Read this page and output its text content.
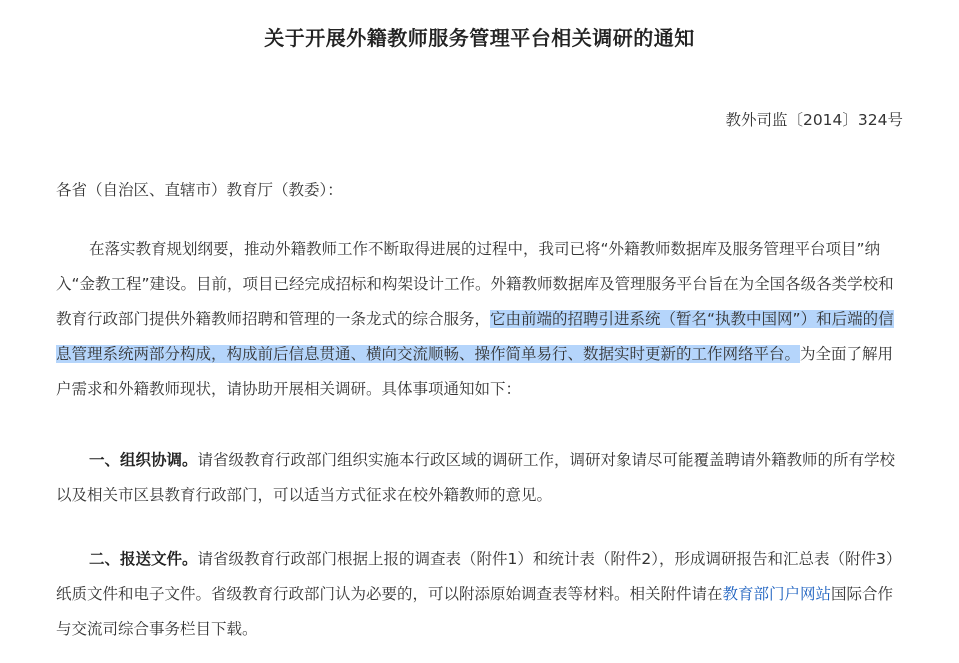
关于开展外籍教师服务管理平台相关调研的通知
教外司监〔2014〕324号
各省（自治区、直辖市）教育厅（教委）：
在落实教育规划纲要，推动外籍教师工作不断取得进展的过程中，我司已将“外籍教师数据库及服务管理平台项目”纳入“金教工程”建设。目前，项目已经完成招标和构架设计工作。外籍教师数据库及管理服务平台旨在为全国各级各类学校和教育行政部门提供外籍教师招聘和管理的一条龙式的综合服务，它由前端的招聘引进系统（暂名“执教中国网”）和后端的信息管理系统两部分构成，构成前后信息贯通、横向交流顺畅、操作简单易行、数据实时更新的工作网络平台。为全面了解用户需求和外籍教师现状，请协助开展相关调研。具体事项通知如下：
一、组织协调。请省级教育行政部门组织实施本行政区域的调研工作，调研对象请尽可能覆盖聘请外籍教师的所有学校以及相关市区县教育行政部门，可以适当方式征求在校外籍教师的意见。
二、报送文件。请省级教育行政部门根据上报的调查表（附件1）和统计表（附件2），形成调研报告和汇总表（附件3）纸质文件和电子文件。省级教育行政部门认为必要的，可以附添原始调查表等材料。相关附件请在教育部门户网站国际合作与交流司综合事务栏目下载。
